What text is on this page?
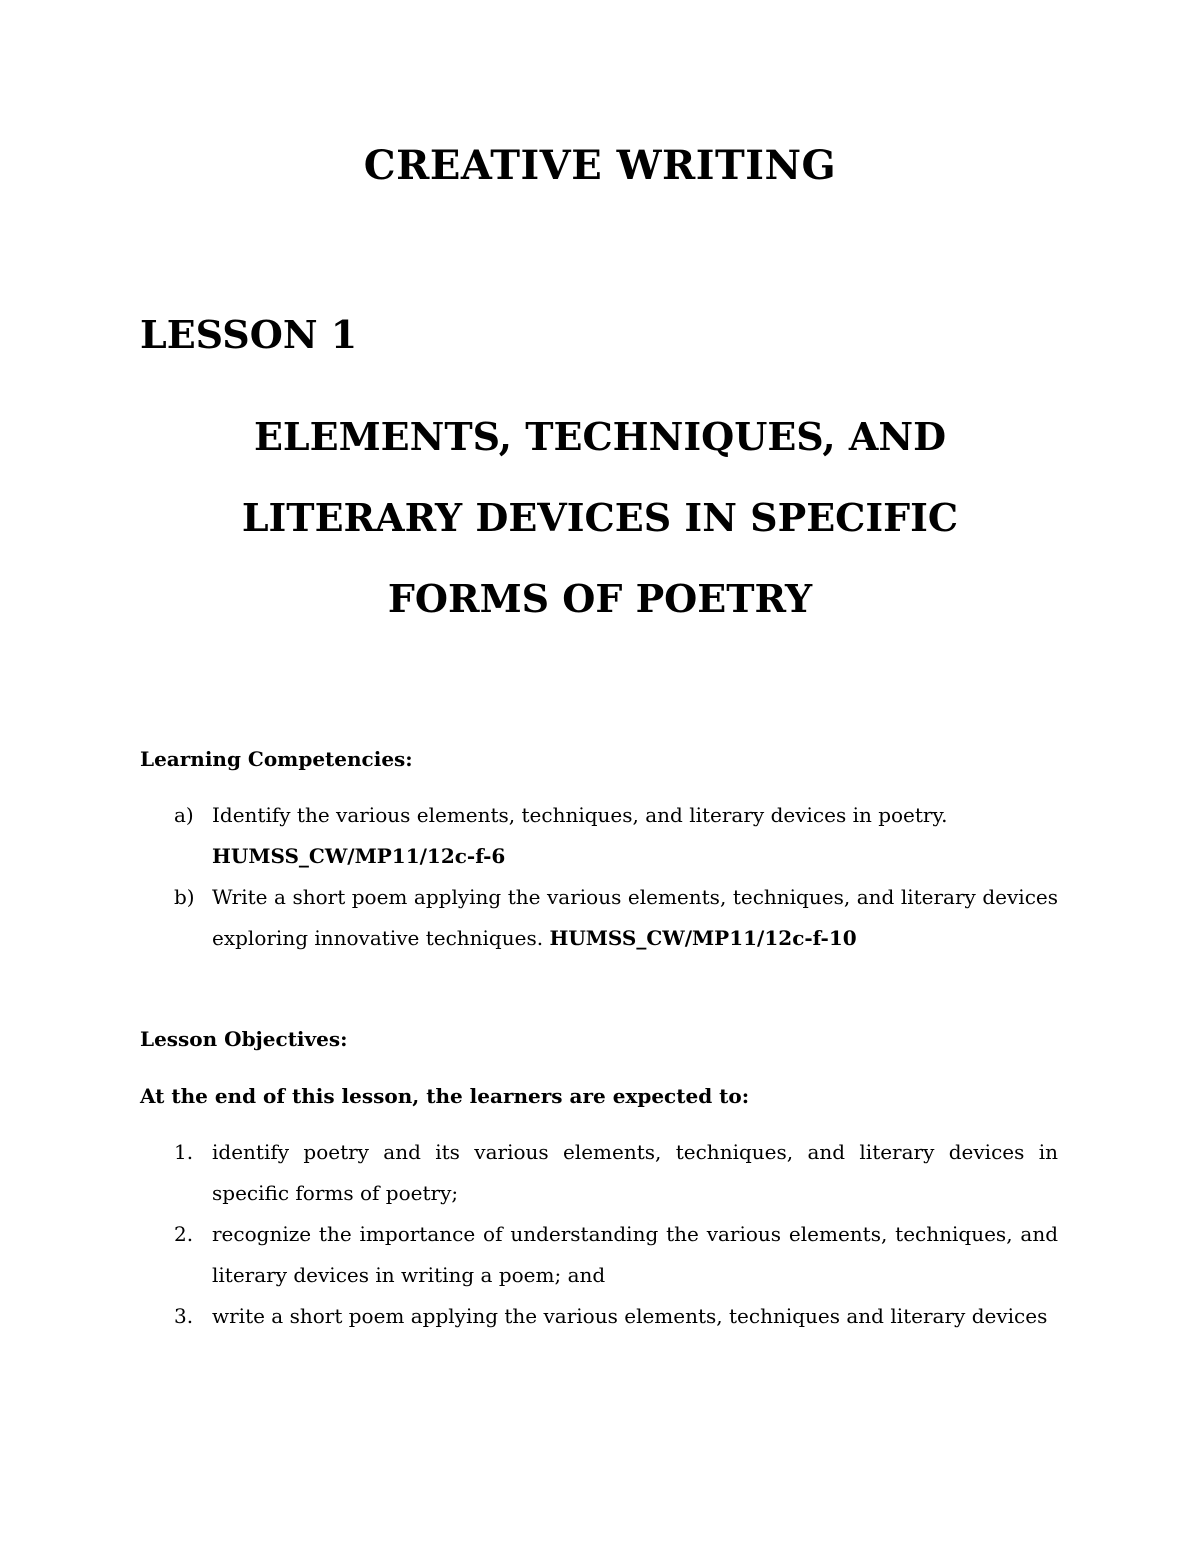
CREATIVE WRITING
LESSON 1
ELEMENTS, TECHNIQUES, AND
LITERARY DEVICES IN SPECIFIC
FORMS OF POETRY

Learning Competencies:

a) Identify the various elements, techniques, and literary devices in poetry.
HUMSS_CW/MP11/12c-f-6
b) Write a short poem applying the various elements, techniques, and literary devices exploring innovative techniques. HUMSS_CW/MP11/12c-f-10

Lesson Objectives:

At the end of this lesson, the learners are expected to:

1. identify poetry and its various elements, techniques, and literary devices in specific forms of poetry;
2. recognize the importance of understanding the various elements, techniques, and literary devices in writing a poem; and
3. write a short poem applying the various elements, techniques and literary devices
